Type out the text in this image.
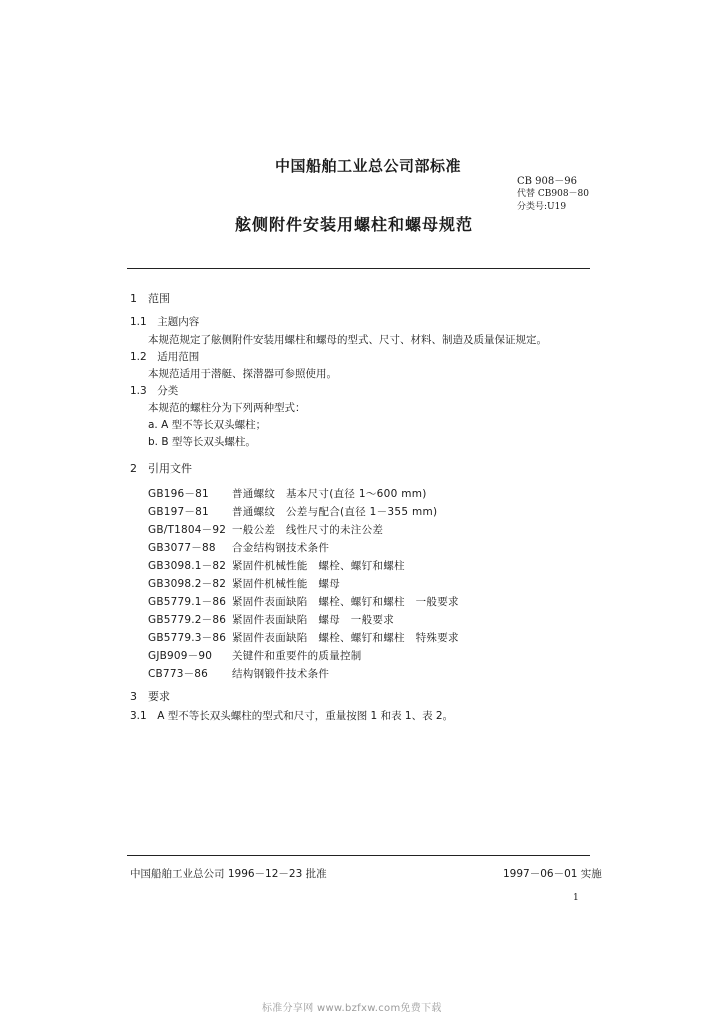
中国船舶工业总公司部标准
CB 908－96
代替 CB908－80
分类号:U19
舷侧附件安装用螺柱和螺母规范
1　范围
1.1　主题内容
本规范规定了舷侧附件安装用螺柱和螺母的型式、尺寸、材料、制造及质量保证规定。
1.2　适用范围
本规范适用于潜艇、探潜器可参照使用。
1.3　分类
本规范的螺柱分为下列两种型式：
a. A 型不等长双头螺柱；
b. B 型等长双头螺柱。
2　引用文件
GB196－81 普通螺纹　基本尺寸(直径 1～600 mm)
GB197－81 普通螺纹　公差与配合(直径 1－355 mm)
GB/T1804－92 一般公差　线性尺寸的未注公差
GB3077－88 合金结构钢技术条件
GB3098.1－82 紧固件机械性能　螺栓、螺钉和螺柱
GB3098.2－82 紧固件机械性能　螺母
GB5779.1－86 紧固件表面缺陷　螺栓、螺钉和螺柱　一般要求
GB5779.2－86 紧固件表面缺陷　螺母　一般要求
GB5779.3－86 紧固件表面缺陷　螺栓、螺钉和螺柱　特殊要求
GJB909－90 关键件和重要件的质量控制
CB773－86 结构钢锻件技术条件
3　要求
3.1　A 型不等长双头螺柱的型式和尺寸，重量按图 1 和表 1、表 2。
中国船舶工业总公司 1996－12－23 批准	1997－06－01 实施
1
标准分享网 www.bzfxw.com免费下载
